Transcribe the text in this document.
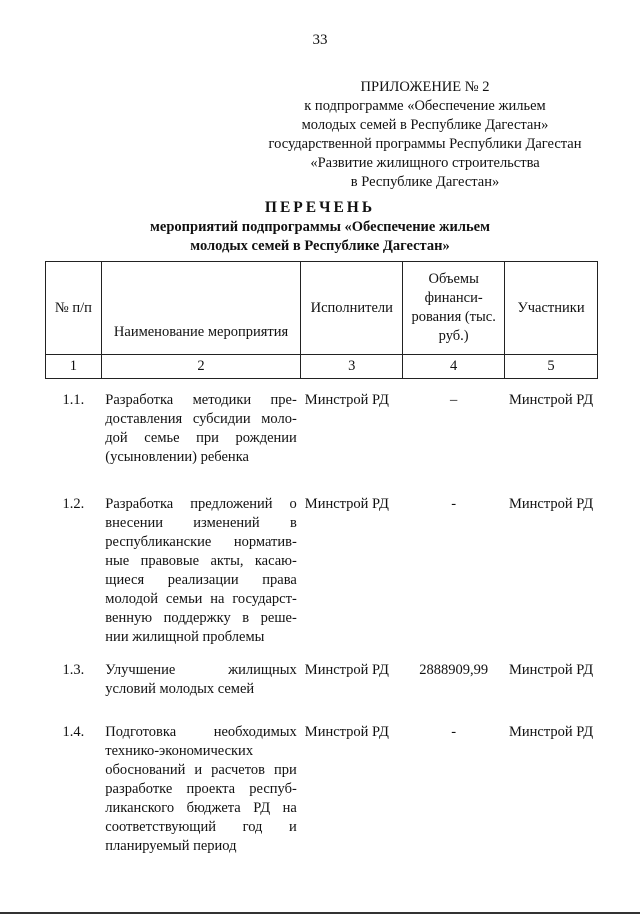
33
ПРИЛОЖЕНИЕ № 2
к подпрограмме «Обеспечение жильем
молодых семей в Республике Дагестан»
государственной программы Республики Дагестан
«Развитие жилищного строительства
в Республике Дагестан»
ПЕРЕЧЕНЬ
мероприятий подпрограммы «Обеспечение жильем
молодых семей в Республике Дагестан»
№ п/п	Наименование мероприятия	Исполнители	Объемы финанси- рования (тыс. руб.)	Участники
1	2	3	4	5
1.1.	Разработка методики пре- доставления субсидии моло- дой семье при рождении (усыновлении) ребенка	Минстрой РД	–	Минстрой РД
1.2.	Разработка предложений о внесении изменений в республиканские норматив- ные правовые акты, касаю- щиеся реализации права молодой семьи на государст- венную поддержку в реше- нии жилищной проблемы	Минстрой РД	-	Минстрой РД
1.3.	Улучшение жилищных условий молодых семей	Минстрой РД	2888909,99	Минстрой РД
1.4.	Подготовка необходимых технико-экономических обоснований и расчетов при разработке проекта респуб- ликанского бюджета РД на соответствующий год и планируемый период	Минстрой РД	-	Минстрой РД
